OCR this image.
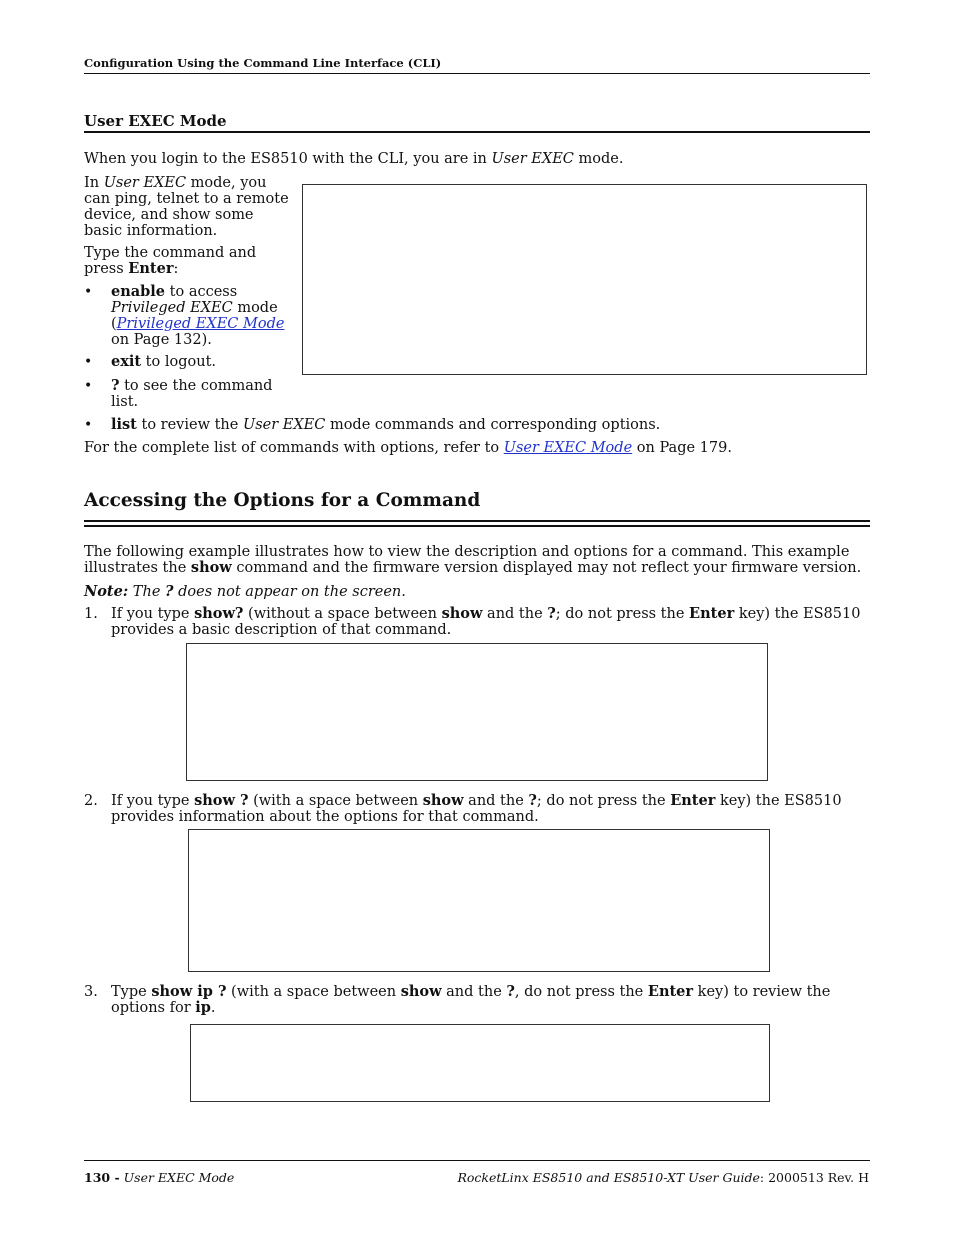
Configuration Using the Command Line Interface (CLI)
User EXEC Mode
When you login to the ES8510 with the CLI, you are in User EXEC mode.
In User EXEC mode, you can ping, telnet to a remote device, and show some basic information.
Type the command and press Enter:
• enable to access Privileged EXEC mode (Privileged EXEC Mode on Page 132).
• exit to logout.
• ? to see the command list.
• list to review the User EXEC mode commands and corresponding options.
For the complete list of commands with options, refer to User EXEC Mode on Page 179.
Accessing the Options for a Command
The following example illustrates how to view the description and options for a command. This example illustrates the show command and the firmware version displayed may not reflect your firmware version.
Note: The ? does not appear on the screen.
1. If you type show? (without a space between show and the ?; do not press the Enter key) the ES8510 provides a basic description of that command.
2. If you type show ? (with a space between show and the ?; do not press the Enter key) the ES8510 provides information about the options for that command.
3. Type show ip ? (with a space between show and the ?, do not press the Enter key) to review the options for ip.
130 - User EXEC Mode	RocketLinx ES8510 and ES8510-XT User Guide: 2000513 Rev. H
